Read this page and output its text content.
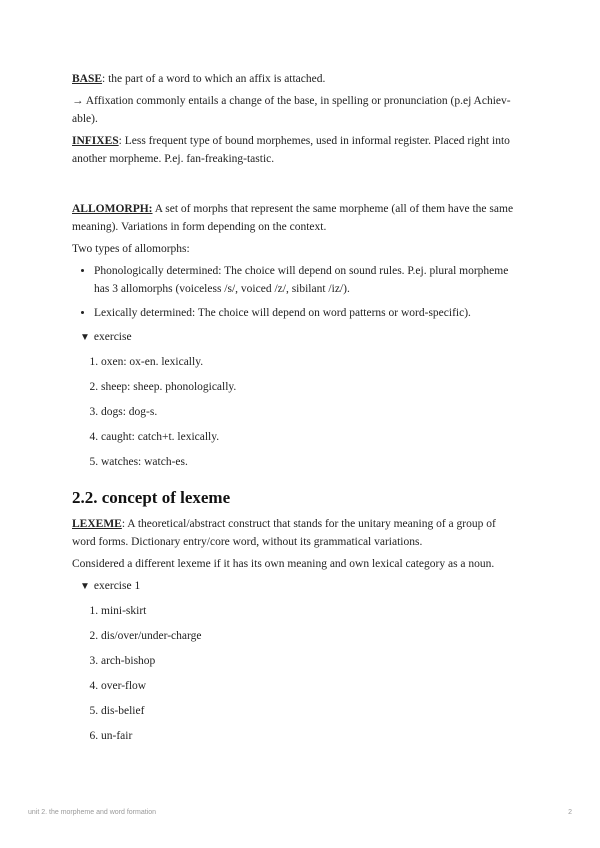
BASE: the part of a word to which an affix is attached.

→ Affixation commonly entails a change of the base, in spelling or pronunciation (p.ej Achiev-able).

INFIXES: Less frequent type of bound morphemes, used in informal register. Placed right into another morpheme. P.ej. fan-freaking-tastic.

ALLOMORPH: A set of morphs that represent the same morpheme (all of them have the same meaning). Variations in form depending on the context.

Two types of allomorphs:

• Phonologically determined: The choice will depend on sound rules. P.ej. plural morpheme has 3 allomorphs (voiceless /s/, voiced /z/, sibilant /iz/).
• Lexically determined: The choice will depend on word patterns or word-specific).
▼ exercise
1. oxen: ox-en. lexically.
2. sheep: sheep. phonologically.
3. dogs: dog-s.
4. caught: catch+t. lexically.
5. watches: watch-es.
2.2. concept of lexeme

LEXEME: A theoretical/abstract construct that stands for the unitary meaning of a group of word forms. Dictionary entry/core word, without its grammatical variations.

Considered a different lexeme if it has its own meaning and own lexical category as a noun.

▼ exercise 1
1. mini-skirt
2. dis/over/under-charge
3. arch-bishop
4. over-flow
5. dis-belief
6. un-fair
unit 2. the morpheme and word formation	2
